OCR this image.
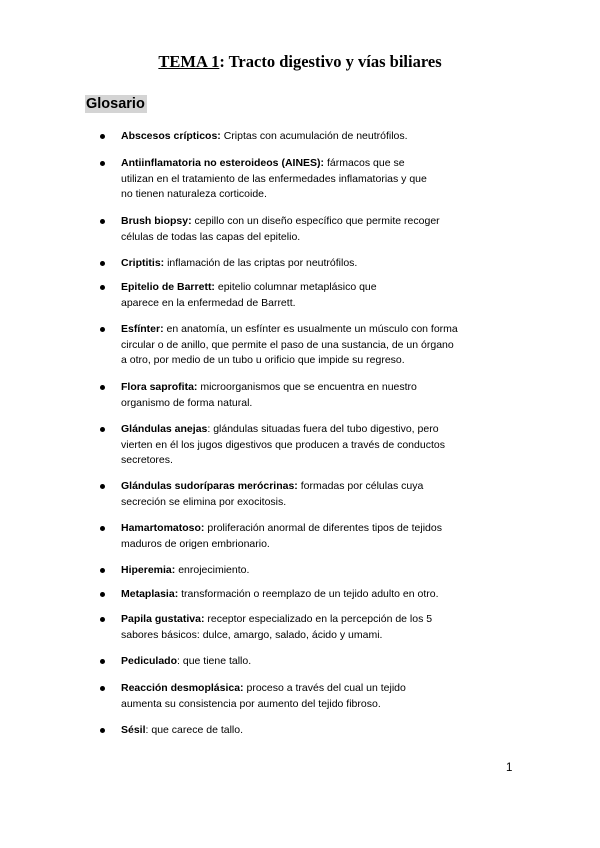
TEMA 1: Tracto digestivo y vías biliares
Glosario
Abscesos crípticos: Criptas con acumulación de neutrófilos.
Antiinflamatoria no esteroideos (AINES): fármacos que se
utilizan en el tratamiento de las enfermedades inflamatorias y que
no tienen naturaleza corticoide.
Brush biopsy: cepillo con un diseño específico que permite recoger
células de todas las capas del epitelio.
Criptitis: inflamación de las criptas por neutrófilos.
Epitelio de Barrett: epitelio columnar metaplásico que
aparece en la enfermedad de Barrett.
Esfínter: en anatomía, un esfínter es usualmente un músculo con forma
circular o de anillo, que permite el paso de una sustancia, de un órgano
a otro, por medio de un tubo u orificio que impide su regreso.
Flora saprofita: microorganismos que se encuentra en nuestro
organismo de forma natural.
Glándulas anejas: glándulas situadas fuera del tubo digestivo, pero
vierten en él los jugos digestivos que producen a través de conductos
secretores.
Glándulas sudoríparas merócrinas: formadas por células cuya
secreción se elimina por exocitosis.
Hamartomatoso: proliferación anormal de diferentes tipos de tejidos
maduros de origen embrionario.
Hiperemia: enrojecimiento.
Metaplasia: transformación o reemplazo de un tejido adulto en otro.
Papila gustativa: receptor especializado en la percepción de los 5
sabores básicos: dulce, amargo, salado, ácido y umami.
Pediculado: que tiene tallo.
Reacción desmoplásica: proceso a través del cual un tejido
aumenta su consistencia por aumento del tejido fibroso.
Sésil: que carece de tallo.
1
